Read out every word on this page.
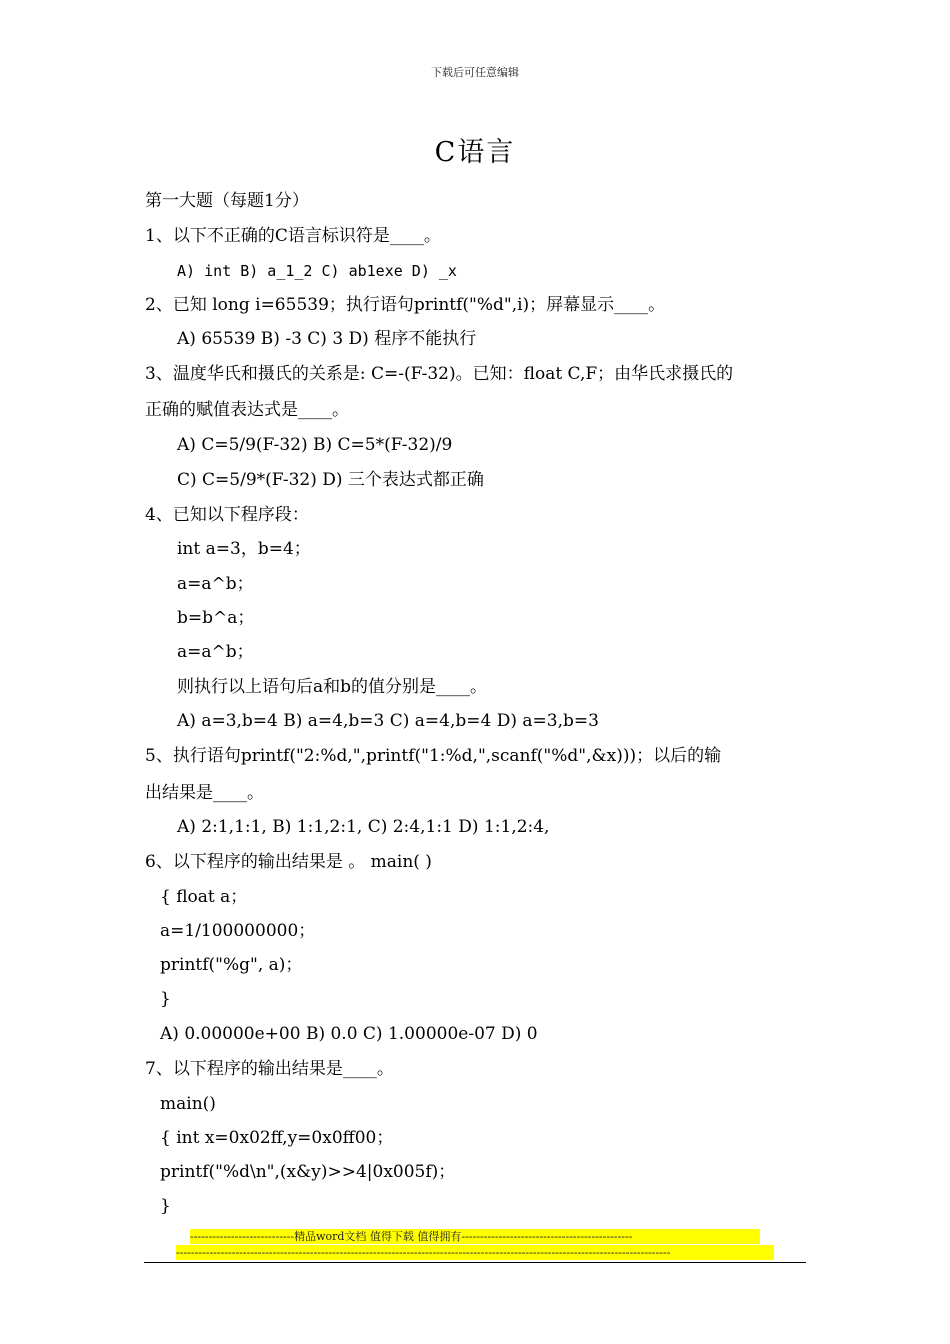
下载后可任意编辑
C语言
第一大题（每题1分）
1、以下不正确的C语言标识符是____。
A) int B) a_1_2 C) ab1exe D) _x
2、已知 long i=65539；执行语句printf("%d",i)；屏幕显示____。
A) 65539 B) -3 C) 3 D) 程序不能执行
3、温度华氏和摄氏的关系是: C=-(F-32)。已知：float C,F；由华氏求摄氏的
正确的赋值表达式是____。
A) C=5/9(F-32) B) C=5*(F-32)/9
C) C=5/9*(F-32) D) 三个表达式都正确
4、已知以下程序段：
int a=3，b=4；
a=a^b；
b=b^a；
a=a^b；
则执行以上语句后a和b的值分别是____。
A) a=3,b=4 B) a=4,b=3 C) a=4,b=4 D) a=3,b=3
5、执行语句printf("2:%d,",printf("1:%d,",scanf("%d",&x)))；以后的输
出结果是____。
A) 2:1,1:1, B) 1:1,2:1, C) 2:4,1:1 D) 1:1,2:4,
6、以下程序的输出结果是 。 main( )
{ float a；
a=1/100000000；
printf("%g", a)；
}
A) 0.00000e+00 B) 0.0 C) 1.00000e-07 D) 0
7、以下程序的输出结果是____。
main()
{ int x=0x02ff,y=0x0ff00；
printf("%d\n",(x&y)>>4|0x005f)；
}
----------------------------精品word文档 值得下载 值得拥有----------------------------------------------
-------------------------------------------------------------------------------------------------------------------------------------
